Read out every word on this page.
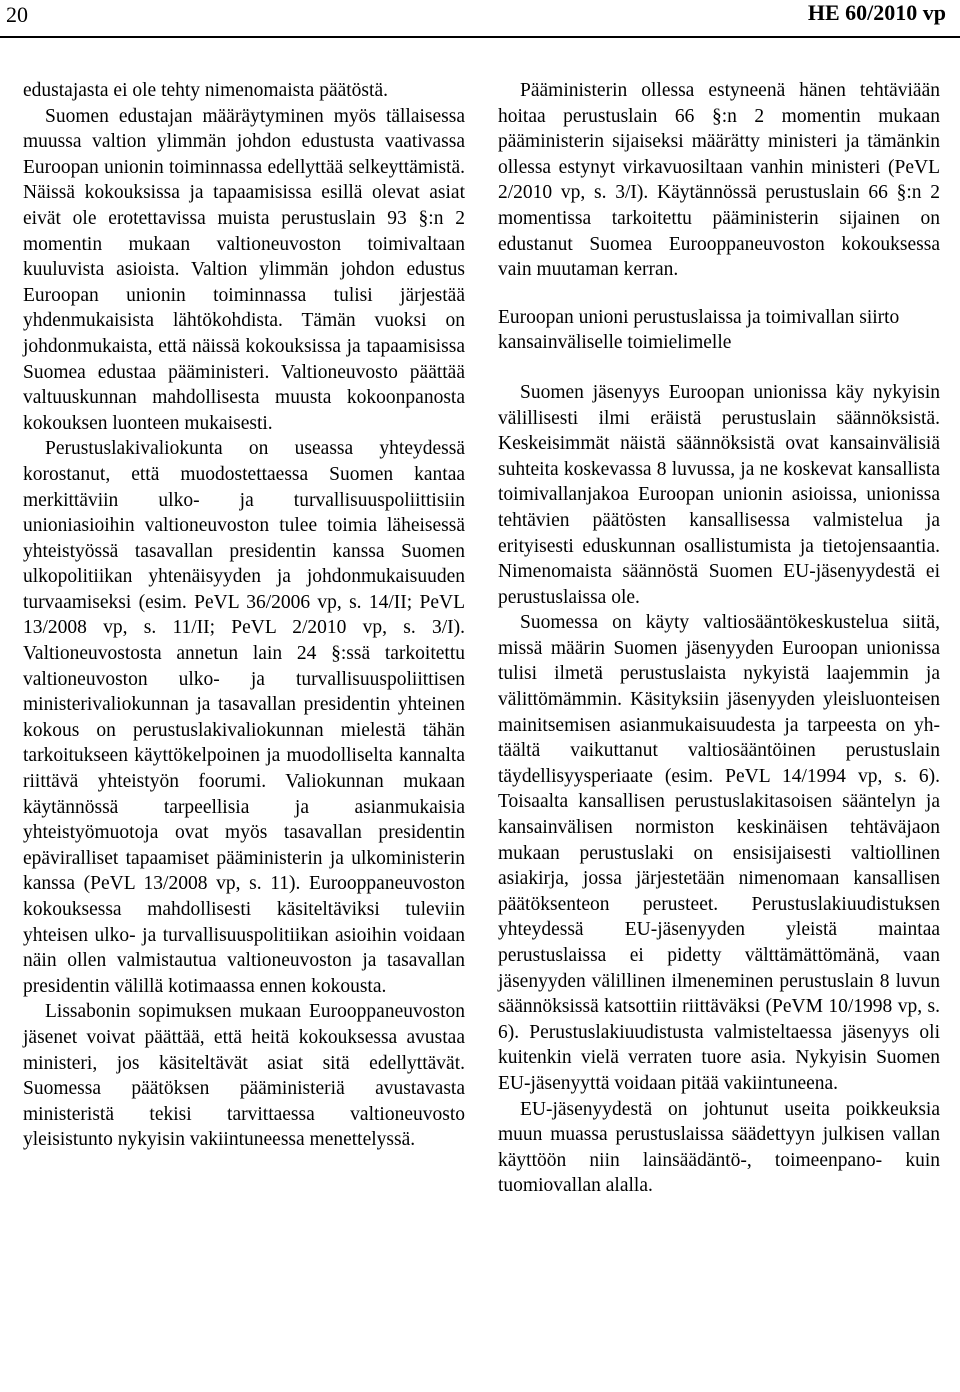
20	HE 60/2010 vp

edustajasta ei ole tehty nimenomaista päätöstä.

Suomen edustajan määräytyminen myös tällaisessa muussa valtion ylimmän johdon edustusta vaativassa Euroopan unionin toiminnassa edellyttää selkeyttämistä. Näissä kokouksissa ja tapaamisissa esillä olevat asiat eivät ole erotettavissa muista perustuslain 93 §:n 2 momentin mukaan valtioneuvoston toimivaltaan kuuluvista asioista. Valtion ylimmän johdon edustus Euroopan unionin toiminnassa tulisi järjestää yhdenmukaisista lähtökohdista. Tämän vuoksi on johdonmukaista, että näissä kokouksissa ja tapaamisissa Suomea edustaa pääministeri. Valtioneuvosto päättää valtuuskunnan mahdollisesta muusta kokoonpanosta kokouksen luonteen mukaisesti.

Perustuslakivaliokunta on useassa yhteydessä korostanut, että muodostettaessa Suomen kantaa merkittäviin ulko- ja turvallisuuspoliittisiin unioniasioihin valtioneuvoston tulee toimia läheisessä yhteistyössä tasavallan presidentin kanssa Suomen ulkopolitiikan yhtenäisyyden ja johdonmukaisuuden turvaamiseksi (esim. PeVL 36/2006 vp, s. 14/II; PeVL 13/2008 vp, s. 11/II; PeVL 2/2010 vp, s. 3/I). Valtioneuvostosta annetun lain 24 §:ssä tarkoitettu valtioneuvoston ulko- ja turvallisuuspoliittisen ministerivaliokunnan ja tasavallan presidentin yhteinen kokous on perustuslakivaliokunnan mielestä tähän tarkoitukseen käyttökelpoinen ja muodolliselta kannalta riittävä yhteistyön foorumi. Valiokunnan mukaan käytännössä tarpeellisia ja asianmukaisia yhteistyömuotoja ovat myös tasavallan presidentin epäviralliset tapaamiset pääministerin ja ulkoministerin kanssa (PeVL 13/2008 vp, s. 11). Eurooppaneuvoston kokouksessa mahdollisesti käsiteltäviksi tuleviin yhteisen ulko- ja turvallisuuspolitiikan asioihin voidaan näin ollen valmistautua valtioneuvoston ja tasavallan presidentin välillä kotimaassa ennen kokousta.

Lissabonin sopimuksen mukaan Eurooppaneuvoston jäsenet voivat päättää, että heitä kokouksessa avustaa ministeri, jos käsiteltävät asiat sitä edellyttävät. Suomessa päätöksen pääministeriä avustavasta ministeristä tekisi tarvittaessa valtioneuvosto yleisistunto nykyisin vakiintuneessa menettelyssä.

Pääministerin ollessa estyneenä hänen tehtäviään hoitaa perustuslain 66 §:n 2 momentin mukaan pääministerin sijaiseksi määrätty ministeri ja tämänkin ollessa estynyt virkavuosiltaan vanhin ministeri (PeVL 2/2010 vp, s. 3/I). Käytännössä perustuslain 66 §:n 2 momentissa tarkoitettu pääministerin sijainen on edustanut Suomea Eurooppaneuvoston kokouksessa vain muutaman kerran.

Euroopan unioni perustuslaissa ja toimivallan siirto kansainväliselle toimielimelle

Suomen jäsenyys Euroopan unionissa käy nykyisin välillisesti ilmi eräistä perustuslain säännöksistä. Keskeisimmät näistä säännöksistä ovat kansainvälisiä suhteita koskevassa 8 luvussa, ja ne koskevat kansallista toimivallanjakoa Euroopan unionin asioissa, unionissa tehtävien päätösten kansallisessa valmistelua ja erityisesti eduskunnan osallistumista ja tietojensaantia. Nimenomaista säännöstä Suomen EU-jäsenyydestä ei perustuslaissa ole.

Suomessa on käyty valtiosääntökeskustelua siitä, missä määrin Suomen jäsenyyden Euroopan unionissa tulisi ilmetä perustuslaista nykyistä laajemmin ja välittömämmin. Käsityksiin jäsenyyden yleisluonteisen mainitsemisen asianmukaisuudesta ja tarpeesta on yhtäältä vaikuttanut valtiosääntöinen perustuslain täydellisyysperiaate (esim. PeVL 14/1994 vp, s. 6). Toisaalta kansallisen perustuslakitasoisen sääntelyn ja kansainvälisen normiston keskinäisen tehtäväjaon mukaan perustuslaki on ensisijaisesti valtiollinen asiakirja, jossa järjestetään nimenomaan kansallisen päätöksenteon perusteet. Perustuslakiuudistuksen yhteydessä EU-jäsenyyden yleistä maintaa perustuslaissa ei pidetty välttämättömänä, vaan jäsenyyden välillinen ilmeneminen perustuslain 8 luvun säännöksissä katsottiin riittäväksi (PeVM 10/1998 vp, s. 6). Perustuslakiuudistusta valmisteltaessa jäsenyys oli kuitenkin vielä verraten tuore asia. Nykyisin Suomen EU-jäsenyyttä voidaan pitää vakiintuneena.

EU-jäsenyydestä on johtunut useita poikkeuksia muun muassa perustuslaissa säädettyyn julkisen vallan käyttöön niin lainsäädäntö-, toimeenpano- kuin tuomiovallan alalla.
